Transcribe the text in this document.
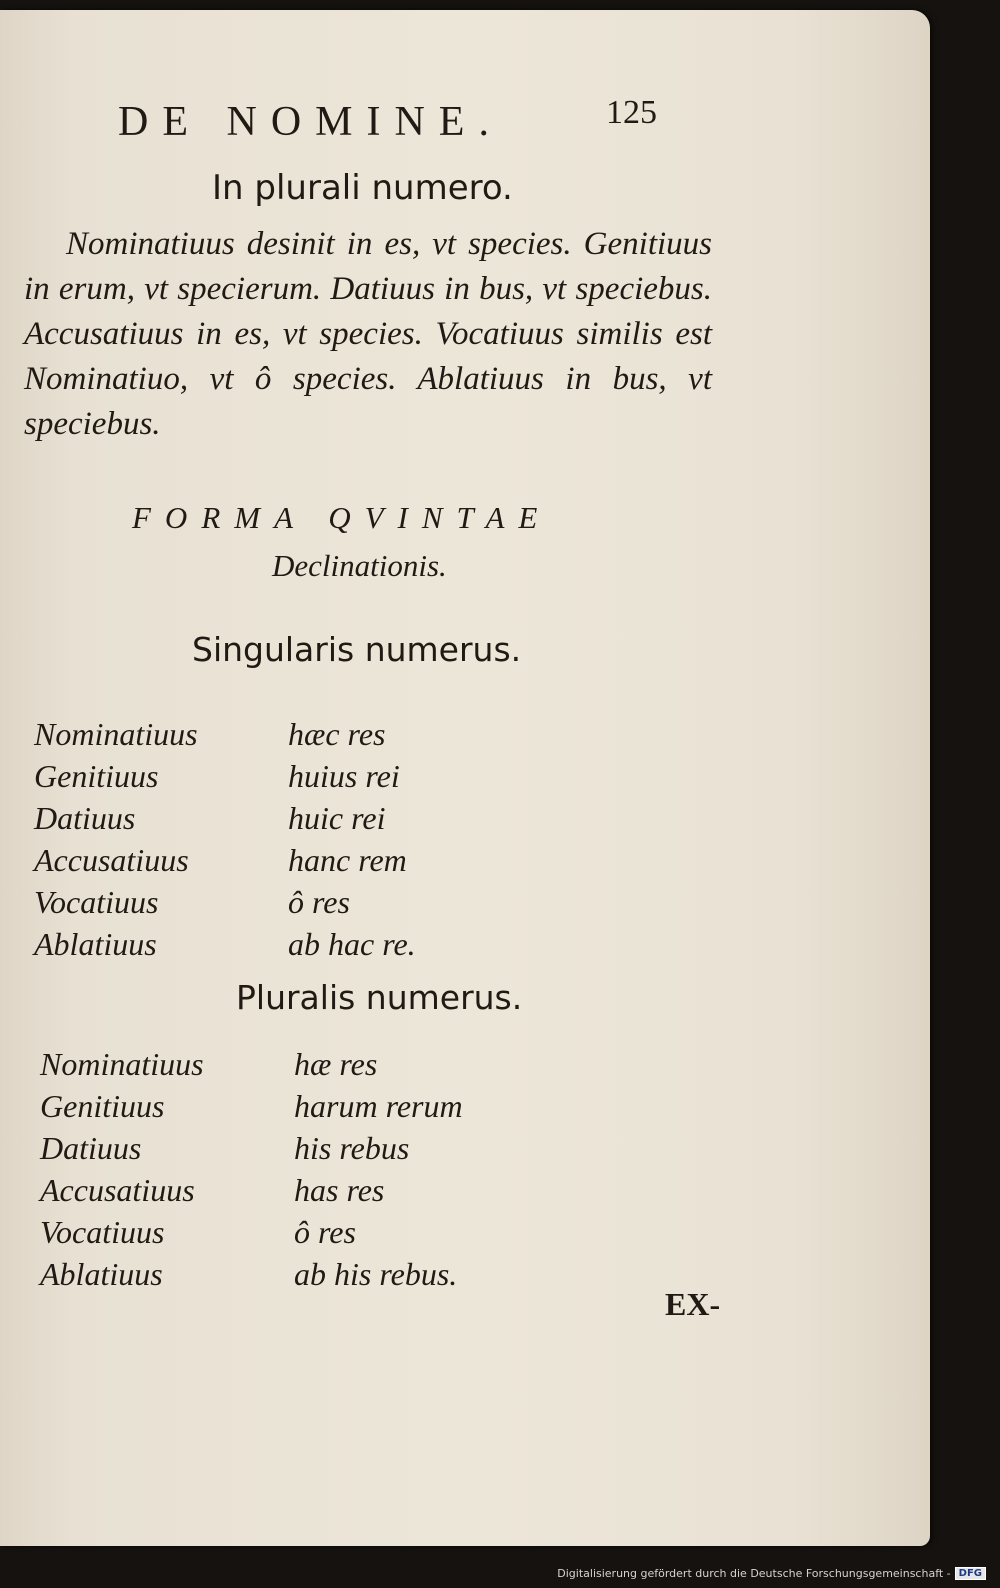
DE NOMINE.	125
In plurali numero.

Nominatiuus desinit in es, vt species. Genitiuus in erum, vt specierum. Datiuus in bus, vt speciebus. Accusatiuus in es, vt species. Vocatiuus similis est Nominatiuo, vt ô species. Ablatiuus in bus, vt speciebus.

FORMA QVINTAE
Declinationis.
Singularis numerus.
Nominatiuus	hæc res
Genitiuus	huius rei
Datiuus	huic rei
Accusatiuus	hanc rem
Vocatiuus	ô res
Ablatiuus	ab hac re.
Pluralis numerus.
Nominatiuus	hæ res
Genitiuus	harum rerum
Datiuus	his rebus
Accusatiuus	has res
Vocatiuus	ô res
Ablatiuus	ab his rebus.
EX-
Digitalisierung gefördert durch die Deutsche Forschungsgemeinschaft - DFG
